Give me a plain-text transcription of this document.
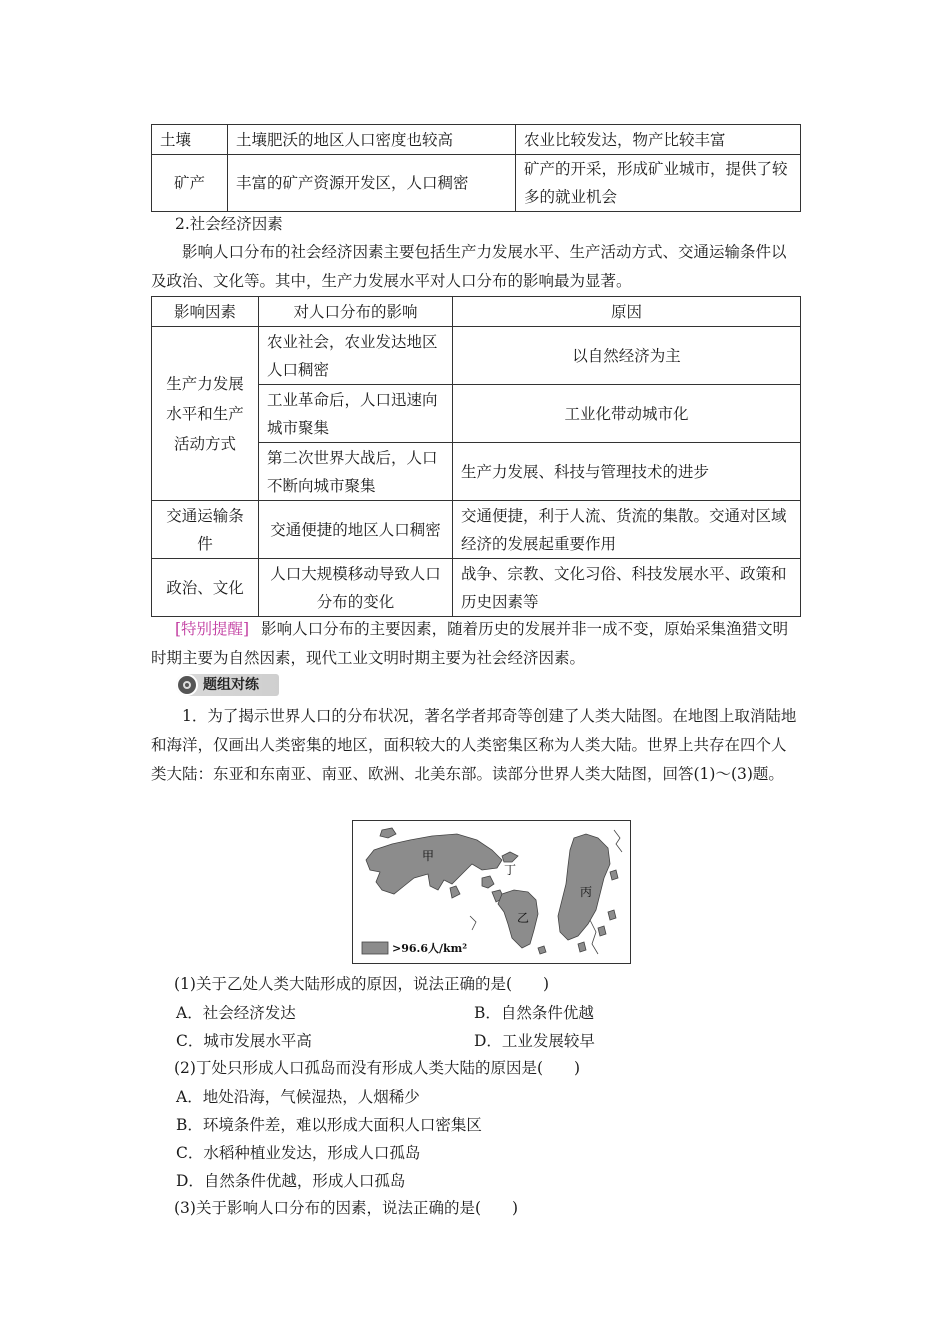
土壤	土壤肥沃的地区人口密度也较高	农业比较发达，物产比较丰富
矿产	丰富的矿产资源开发区，人口稠密	矿产的开采，形成矿业城市，提供了较多的就业机会
2.社会经济因素
影响人口分布的社会经济因素主要包括生产力发展水平、生产活动方式、交通运输条件以及政治、文化等。其中，生产力发展水平对人口分布的影响最为显著。
影响因素	对人口分布的影响	原因
生产力发展水平和生产活动方式	农业社会，农业发达地区人口稠密	以自然经济为主
	工业革命后，人口迅速向城市聚集	工业化带动城市化
	第二次世界大战后，人口不断向城市聚集	生产力发展、科技与管理技术的进步
交通运输条件	交通便捷的地区人口稠密	交通便捷，利于人流、货流的集散。交通对区域经济的发展起重要作用
政治、文化	人口大规模移动导致人口分布的变化	战争、宗教、文化习俗、科技发展水平、政策和历史因素等
[特别提醒] 影响人口分布的主要因素，随着历史的发展并非一成不变，原始采集渔猎文明时期主要为自然因素，现代工业文明时期主要为社会经济因素。
题组对练
1．为了揭示世界人口的分布状况，著名学者邦奇等创建了人类大陆图。在地图上取消陆地和海洋，仅画出人类密集的地区，面积较大的人类密集区称为人类大陆。世界上共存在四个人类大陆：东亚和东南亚、南亚、欧洲、北美东部。读部分世界人类大陆图，回答(1)～(3)题。
甲
乙
丙
丁
>96.6人/km²
(1)关于乙处人类大陆形成的原因，说法正确的是(　　)
A．社会经济发达	B．自然条件优越
C．城市发展水平高	D．工业发展较早
(2)丁处只形成人口孤岛而没有形成人类大陆的原因是(　　)
A．地处沿海，气候湿热，人烟稀少
B．环境条件差，难以形成大面积人口密集区
C．水稻种植业发达，形成人口孤岛
D．自然条件优越，形成人口孤岛
(3)关于影响人口分布的因素，说法正确的是(　　)
